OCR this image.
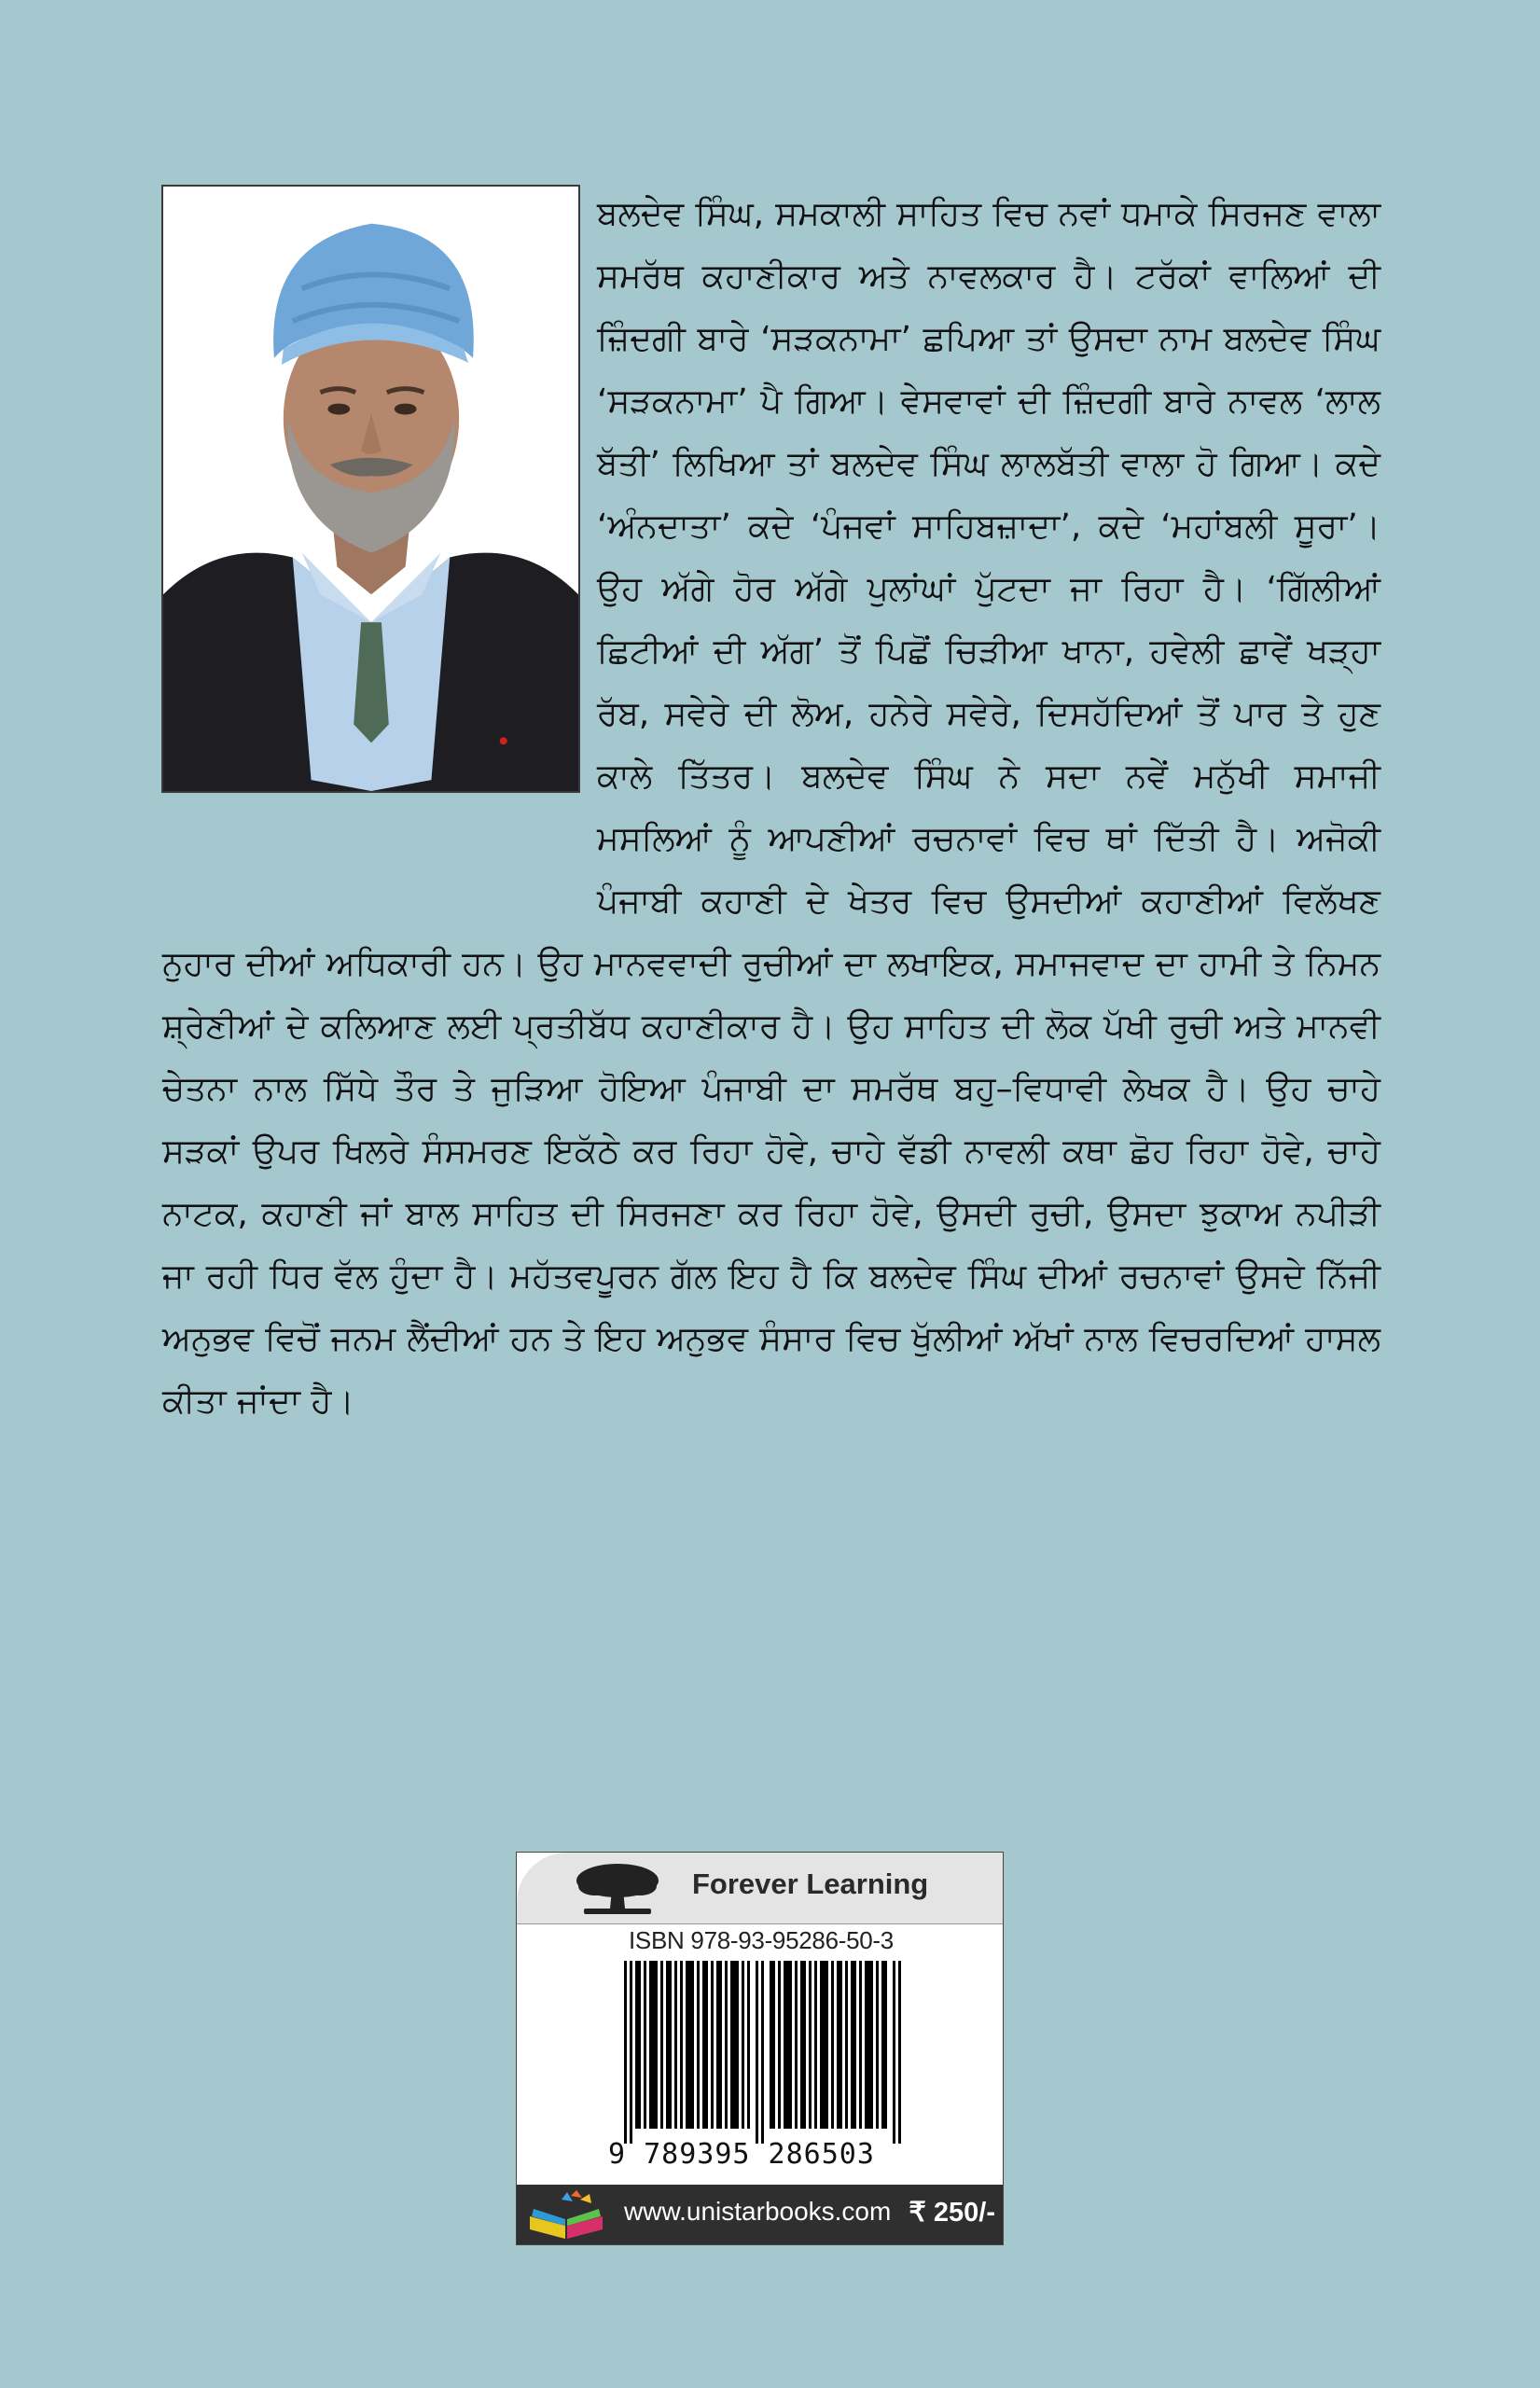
ਬਲਦੇਵ ਸਿੰਘ, ਸਮਕਾਲੀ ਸਾਹਿਤ ਵਿਚ ਨਵਾਂ ਧਮਾਕੇ ਸਿਰਜਣ ਵਾਲਾ ਸਮਰੱਥ ਕਹਾਣੀਕਾਰ ਅਤੇ ਨਾਵਲਕਾਰ ਹੈ। ਟਰੱਕਾਂ ਵਾਲਿਆਂ ਦੀ ਜ਼ਿੰਦਗੀ ਬਾਰੇ ‘ਸੜਕਨਾਮਾ’ ਛਪਿਆ ਤਾਂ ਉਸਦਾ ਨਾਮ ਬਲਦੇਵ ਸਿੰਘ ‘ਸੜਕਨਾਮਾ’ ਪੈ ਗਿਆ। ਵੇਸਵਾਵਾਂ ਦੀ ਜ਼ਿੰਦਗੀ ਬਾਰੇ ਨਾਵਲ ‘ਲਾਲ ਬੱਤੀ’ ਲਿਖਿਆ ਤਾਂ ਬਲਦੇਵ ਸਿੰਘ ਲਾਲਬੱਤੀ ਵਾਲਾ ਹੋ ਗਿਆ। ਕਦੇ ‘ਅੰਨਦਾਤਾ’ ਕਦੇ ‘ਪੰਜਵਾਂ ਸਾਹਿਬਜ਼ਾਦਾ’, ਕਦੇ ‘ਮਹਾਂਬਲੀ ਸੂਰਾ’। ਉਹ ਅੱਗੇ ਹੋਰ ਅੱਗੇ ਪੁਲਾਂਘਾਂ ਪੁੱਟਦਾ ਜਾ ਰਿਹਾ ਹੈ। ‘ਗਿੱਲੀਆਂ ਛਿਟੀਆਂ ਦੀ ਅੱਗ’ ਤੋਂ ਪਿਛੋਂ ਚਿੜੀਆ ਖਾਨਾ, ਹਵੇਲੀ ਛਾਵੇਂ ਖੜ੍ਹਾ ਰੱਬ, ਸਵੇਰੇ ਦੀ ਲੋਅ, ਹਨੇਰੇ ਸਵੇਰੇ, ਦਿਸਹੱਦਿਆਂ ਤੋਂ ਪਾਰ ਤੇ ਹੁਣ ਕਾਲੇ ਤਿੱਤਰ। ਬਲਦੇਵ ਸਿੰਘ ਨੇ ਸਦਾ ਨਵੇਂ ਮਨੁੱਖੀ ਸਮਾਜੀ ਮਸਲਿਆਂ ਨੂੰ ਆਪਣੀਆਂ ਰਚਨਾਵਾਂ ਵਿਚ ਥਾਂ ਦਿੱਤੀ ਹੈ। ਅਜੋਕੀ ਪੰਜਾਬੀ ਕਹਾਣੀ ਦੇ ਖੇਤਰ ਵਿਚ ਉਸਦੀਆਂ ਕਹਾਣੀਆਂ ਵਿਲੱਖਣ ਨੁਹਾਰ ਦੀਆਂ ਅਧਿਕਾਰੀ ਹਨ। ਉਹ ਮਾਨਵਵਾਦੀ ਰੁਚੀਆਂ ਦਾ ਲਖਾਇਕ, ਸਮਾਜਵਾਦ ਦਾ ਹਾਮੀ ਤੇ ਨਿਮਨ ਸ਼੍ਰੇਣੀਆਂ ਦੇ ਕਲਿਆਣ ਲਈ ਪ੍ਰਤੀਬੱਧ ਕਹਾਣੀਕਾਰ ਹੈ। ਉਹ ਸਾਹਿਤ ਦੀ ਲੋਕ ਪੱਖੀ ਰੁਚੀ ਅਤੇ ਮਾਨਵੀ ਚੇਤਨਾ ਨਾਲ ਸਿੱਧੇ ਤੌਰ ਤੇ ਜੁੜਿਆ ਹੋਇਆ ਪੰਜਾਬੀ ਦਾ ਸਮਰੱਥ ਬਹੁ–ਵਿਧਾਵੀ ਲੇਖਕ ਹੈ। ਉਹ ਚਾਹੇ ਸੜਕਾਂ ਉਪਰ ਖਿਲਰੇ ਸੰਸਮਰਣ ਇਕੱਠੇ ਕਰ ਰਿਹਾ ਹੋਵੇ, ਚਾਹੇ ਵੱਡੀ ਨਾਵਲੀ ਕਥਾ ਛੋਹ ਰਿਹਾ ਹੋਵੇ, ਚਾਹੇ ਨਾਟਕ, ਕਹਾਣੀ ਜਾਂ ਬਾਲ ਸਾਹਿਤ ਦੀ ਸਿਰਜਣਾ ਕਰ ਰਿਹਾ ਹੋਵੇ, ਉਸਦੀ ਰੁਚੀ, ਉਸਦਾ ਝੁਕਾਅ ਨਪੀੜੀ ਜਾ ਰਹੀ ਧਿਰ ਵੱਲ ਹੁੰਦਾ ਹੈ। ਮਹੱਤਵਪੂਰਨ ਗੱਲ ਇਹ ਹੈ ਕਿ ਬਲਦੇਵ ਸਿੰਘ ਦੀਆਂ ਰਚਨਾਵਾਂ ਉਸਦੇ ਨਿੱਜੀ ਅਨੁਭਵ ਵਿਚੋਂ ਜਨਮ ਲੈਂਦੀਆਂ ਹਨ ਤੇ ਇਹ ਅਨੁਭਵ ਸੰਸਾਰ ਵਿਚ ਖੁੱਲੀਆਂ ਅੱਖਾਂ ਨਾਲ ਵਿਚਰਦਿਆਂ ਹਾਸਲ ਕੀਤਾ ਜਾਂਦਾ ਹੈ।

Forever Learning
ISBN 978-93-95286-50-3
9 789395 286503
www.unistarbooks.com ₹ 250/-
